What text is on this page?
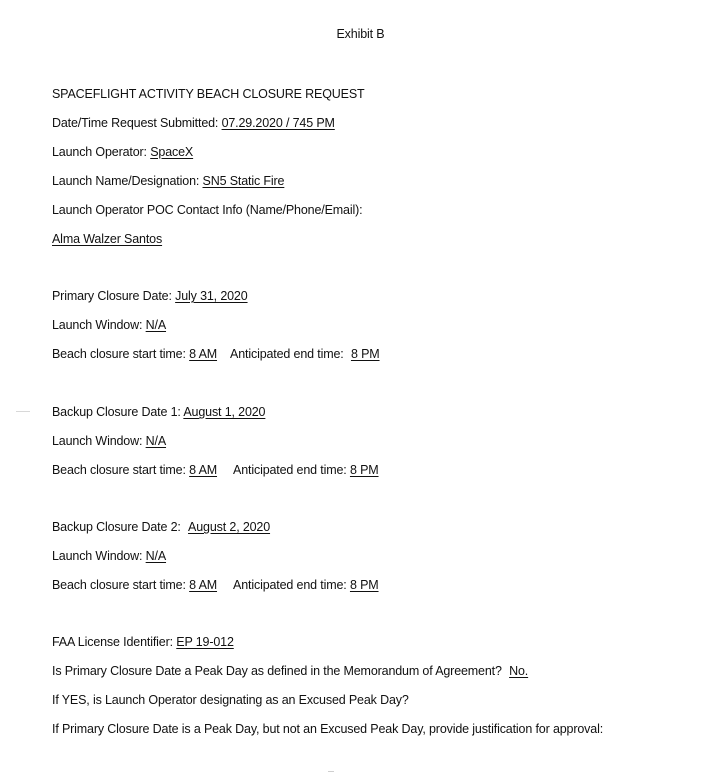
Exhibit B
SPACEFLIGHT ACTIVITY BEACH CLOSURE REQUEST
Date/Time Request Submitted: 07.29.2020 / 745 PM
Launch Operator: SpaceX
Launch Name/Designation: SN5 Static Fire
Launch Operator POC Contact Info (Name/Phone/Email):
Alma Walzer Santos
Primary Closure Date: July 31, 2020
Launch Window: N/A
Beach closure start time: 8 AM Anticipated end time: 8 PM
Backup Closure Date 1: August 1, 2020
Launch Window: N/A
Beach closure start time: 8 AM Anticipated end time: 8 PM
Backup Closure Date 2: August 2, 2020
Launch Window: N/A
Beach closure start time: 8 AM Anticipated end time: 8 PM
FAA License Identifier: EP 19-012
Is Primary Closure Date a Peak Day as defined in the Memorandum of Agreement? No.
If YES, is Launch Operator designating as an Excused Peak Day?
If Primary Closure Date is a Peak Day, but not an Excused Peak Day, provide justification for approval:
